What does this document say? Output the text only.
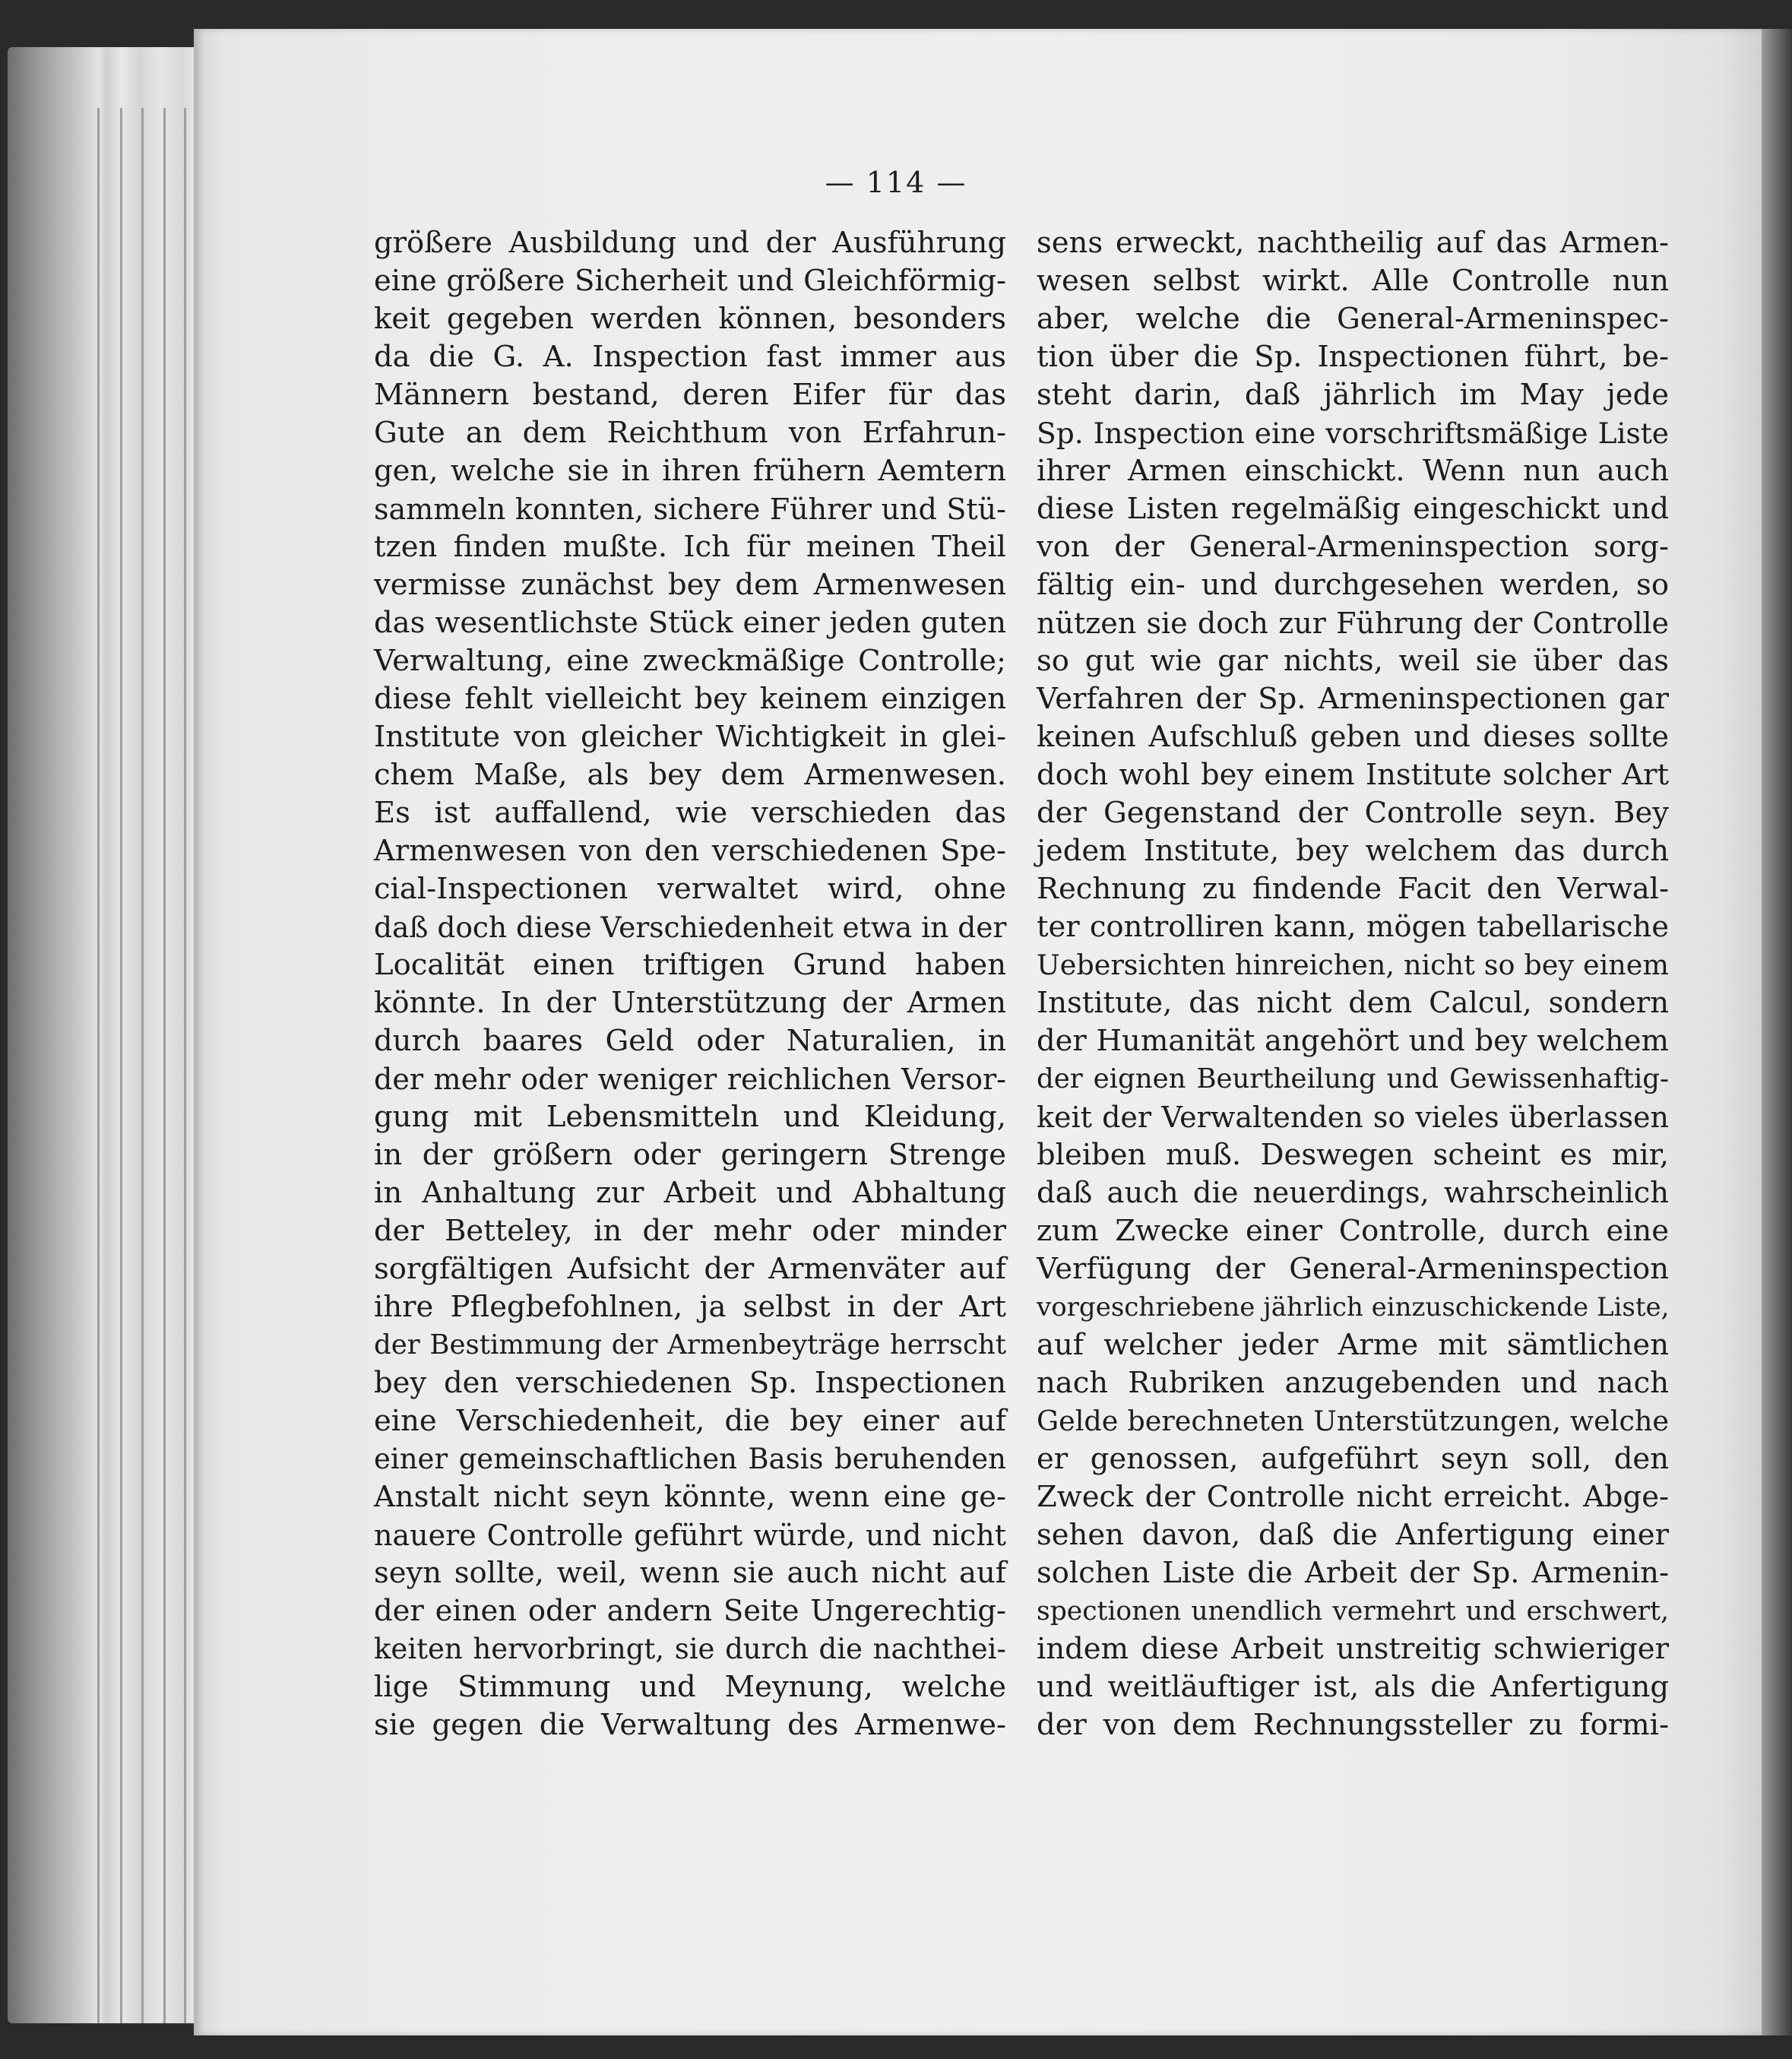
— 114 —
größere Ausbildung und der Ausführung
eine größere Sicherheit und Gleichförmig-
keit gegeben werden können, besonders
da die G. A. Inspection fast immer aus
Männern bestand, deren Eifer für das
Gute an dem Reichthum von Erfahrun-
gen, welche sie in ihren frühern Aemtern
sammeln konnten, sichere Führer und Stü-
tzen finden mußte. Ich für meinen Theil
vermisse zunächst bey dem Armenwesen
das wesentlichste Stück einer jeden guten
Verwaltung, eine zweckmäßige Controlle;
diese fehlt vielleicht bey keinem einzigen
Institute von gleicher Wichtigkeit in glei-
chem Maße, als bey dem Armenwesen.
Es ist auffallend, wie verschieden das
Armenwesen von den verschiedenen Spe-
cial-Inspectionen verwaltet wird, ohne
daß doch diese Verschiedenheit etwa in der
Localität einen triftigen Grund haben
könnte. In der Unterstützung der Armen
durch baares Geld oder Naturalien, in
der mehr oder weniger reichlichen Versor-
gung mit Lebensmitteln und Kleidung,
in der größern oder geringern Strenge
in Anhaltung zur Arbeit und Abhaltung
der Betteley, in der mehr oder minder
sorgfältigen Aufsicht der Armenväter auf
ihre Pflegbefohlnen, ja selbst in der Art
der Bestimmung der Armenbeyträge herrscht
bey den verschiedenen Sp. Inspectionen
eine Verschiedenheit, die bey einer auf
einer gemeinschaftlichen Basis beruhenden
Anstalt nicht seyn könnte, wenn eine ge-
nauere Controlle geführt würde, und nicht
seyn sollte, weil, wenn sie auch nicht auf
der einen oder andern Seite Ungerechtig-
keiten hervorbringt, sie durch die nachthei-
lige Stimmung und Meynung, welche
sie gegen die Verwaltung des Armenwe-
sens erweckt, nachtheilig auf das Armen-
wesen selbst wirkt. Alle Controlle nun
aber, welche die General-Armeninspec-
tion über die Sp. Inspectionen führt, be-
steht darin, daß jährlich im May jede
Sp. Inspection eine vorschriftsmäßige Liste
ihrer Armen einschickt. Wenn nun auch
diese Listen regelmäßig eingeschickt und
von der General-Armeninspection sorg-
fältig ein- und durchgesehen werden, so
nützen sie doch zur Führung der Controlle
so gut wie gar nichts, weil sie über das
Verfahren der Sp. Armeninspectionen gar
keinen Aufschluß geben und dieses sollte
doch wohl bey einem Institute solcher Art
der Gegenstand der Controlle seyn. Bey
jedem Institute, bey welchem das durch
Rechnung zu findende Facit den Verwal-
ter controlliren kann, mögen tabellarische
Uebersichten hinreichen, nicht so bey einem
Institute, das nicht dem Calcul, sondern
der Humanität angehört und bey welchem
der eignen Beurtheilung und Gewissenhaftig-
keit der Verwaltenden so vieles überlassen
bleiben muß. Deswegen scheint es mir,
daß auch die neuerdings, wahrscheinlich
zum Zwecke einer Controlle, durch eine
Verfügung der General-Armeninspection
vorgeschriebene jährlich einzuschickende Liste,
auf welcher jeder Arme mit sämtlichen
nach Rubriken anzugebenden und nach
Gelde berechneten Unterstützungen, welche
er genossen, aufgeführt seyn soll, den
Zweck der Controlle nicht erreicht. Abge-
sehen davon, daß die Anfertigung einer
solchen Liste die Arbeit der Sp. Armenin-
spectionen unendlich vermehrt und erschwert,
indem diese Arbeit unstreitig schwieriger
und weitläuftiger ist, als die Anfertigung
der von dem Rechnungssteller zu formi-
